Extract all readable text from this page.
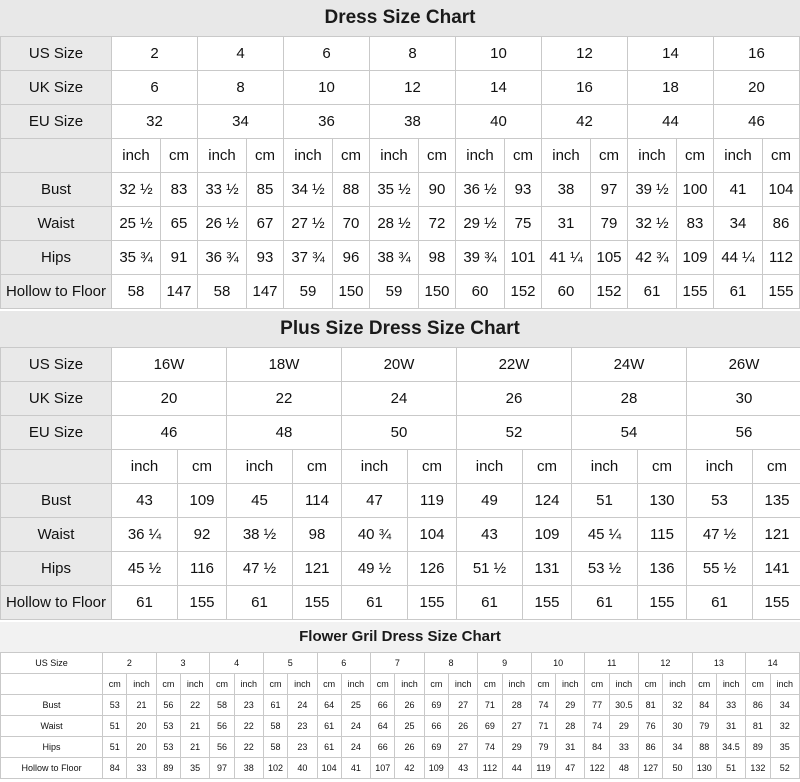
Dress Size Chart
US Size	2		4		6		8		10		12		14		16	
UK Size	6		8		10		12		14		16		18		20	
EU Size	32		34		36		38		40		42		44		46	
	inch	cm	inch	cm	inch	cm	inch	cm	inch	cm	inch	cm	inch	cm	inch	cm
Bust	32 ½	83	33 ½	85	34 ½	88	35 ½	90	36 ½	93	38	97	39 ½	100	41	104
Waist	25 ½	65	26 ½	67	27 ½	70	28 ½	72	29 ½	75	31	79	32 ½	83	34	86
Hips	35 ¾	91	36 ¾	93	37 ¾	96	38 ¾	98	39 ¾	101	41 ¼	105	42 ¾	109	44 ¼	112
Hollow to Floor	58	147	58	147	59	150	59	150	60	152	60	152	61	155	61	155
Plus Size Dress Size Chart
US Size	16W		18W		20W		22W		24W		26W	
UK Size	20		22		24		26		28		30	
EU Size	46		48		50		52		54		56	
	inch	cm	inch	cm	inch	cm	inch	cm	inch	cm	inch	cm
Bust	43	109	45	114	47	119	49	124	51	130	53	135
Waist	36 ¼	92	38 ½	98	40 ¾	104	43	109	45 ¼	115	47 ½	121
Hips	45 ½	116	47 ½	121	49 ½	126	51 ½	131	53 ½	136	55 ½	141
Hollow to Floor	61	155	61	155	61	155	61	155	61	155	61	155
Flower Gril Dress Size Chart
US Size	2		3		4		5		6		7		8		9		10		11		12		13		14	
	cm	inch	cm	inch	cm	inch	cm	inch	cm	inch	cm	inch	cm	inch	cm	inch	cm	inch	cm	inch	cm	inch	cm	inch	cm	inch
Bust	53	21	56	22	58	23	61	24	64	25	66	26	69	27	71	28	74	29	77	30.5	81	32	84	33	86	34
Waist	51	20	53	21	56	22	58	23	61	24	64	25	66	26	69	27	71	28	74	29	76	30	79	31	81	32
Hips	51	20	53	21	56	22	58	23	61	24	66	26	69	27	74	29	79	31	84	33	86	34	88	34.5	89	35
Hollow to Floor	84	33	89	35	97	38	102	40	104	41	107	42	109	43	112	44	119	47	122	48	127	50	130	51	132	52
